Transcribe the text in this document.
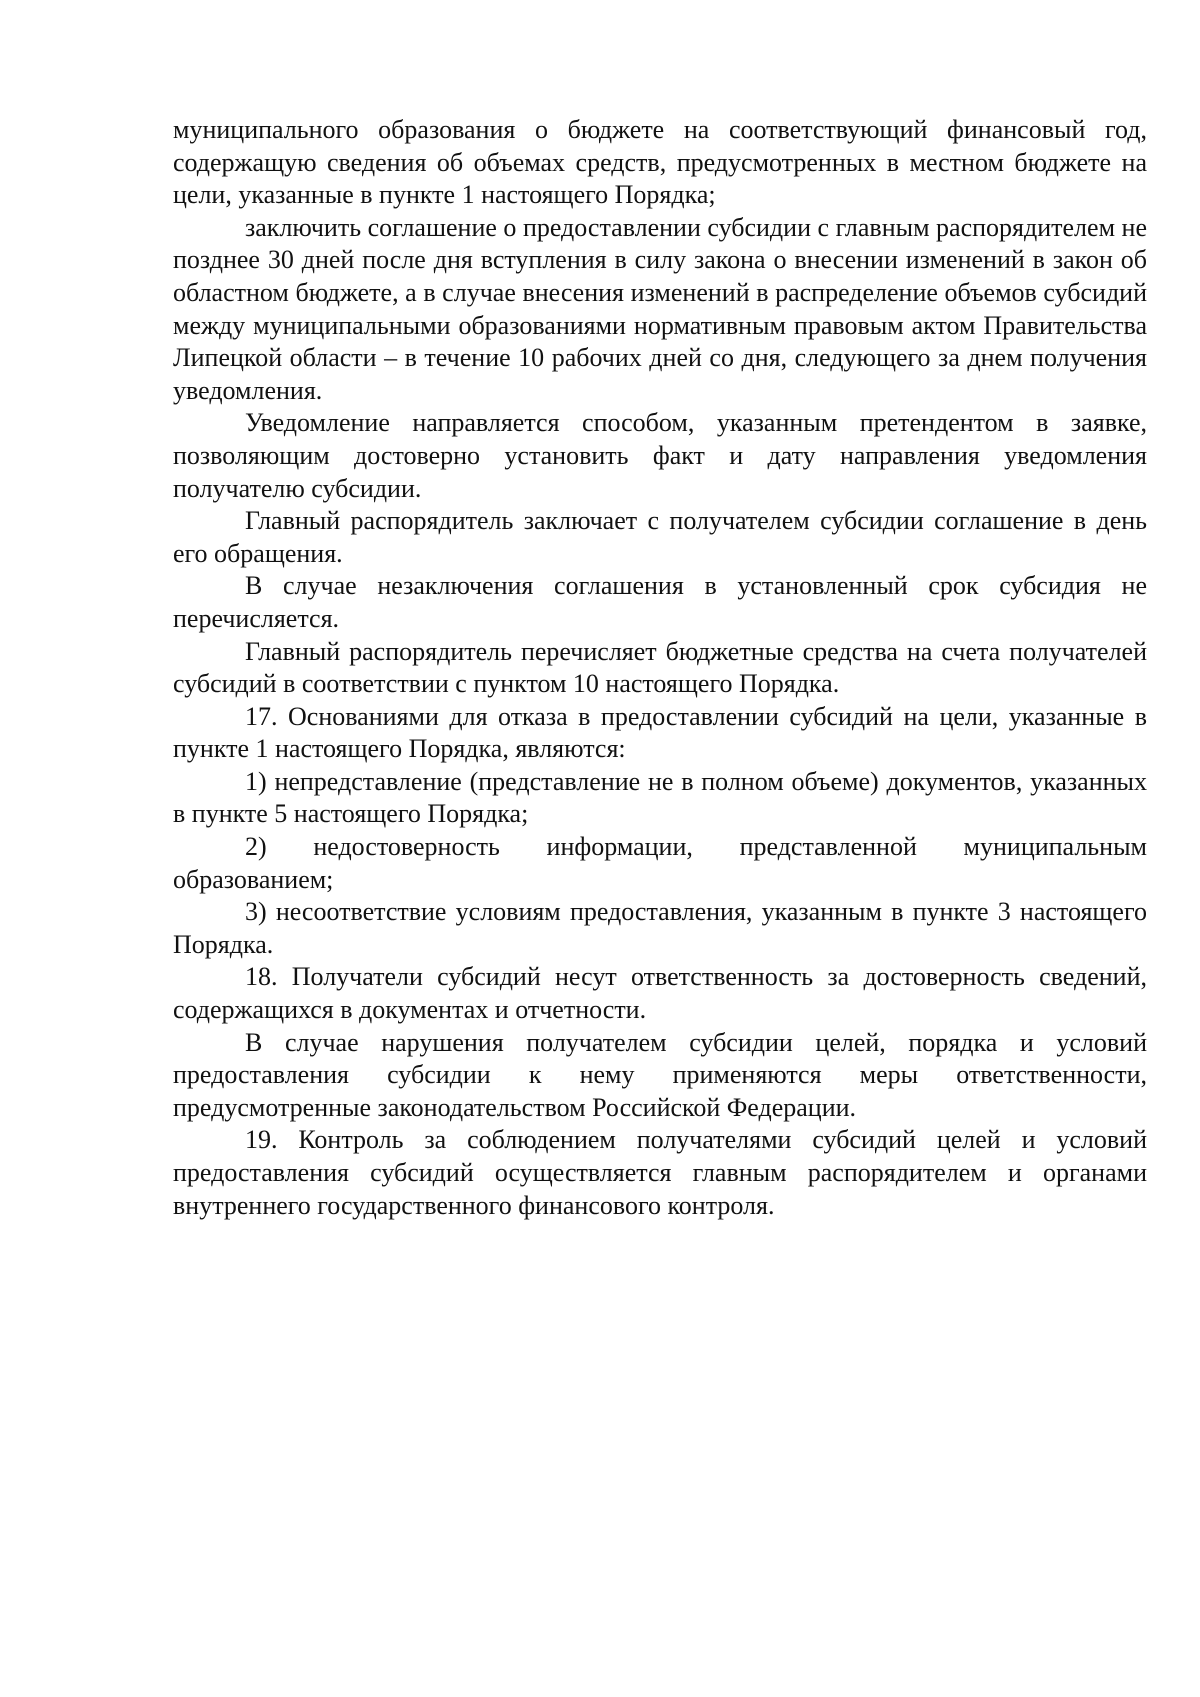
муниципального образования о бюджете на соответствующий финансовый год, содержащую сведения об объемах средств, предусмотренных в местном бюджете на цели, указанные в пункте 1 настоящего Порядка;

заключить соглашение о предоставлении субсидии с главным распорядителем не позднее 30 дней после дня вступления в силу закона о внесении изменений в закон об областном бюджете, а в случае внесения изменений в распределение объемов субсидий между муниципальными образованиями нормативным правовым актом Правительства Липецкой области – в течение 10 рабочих дней со дня, следующего за днем получения уведомления.

Уведомление направляется способом, указанным претендентом в заявке, позволяющим достоверно установить факт и дату направления уведомления получателю субсидии.

Главный распорядитель заключает с получателем субсидии соглашение в день его обращения.

В случае незаключения соглашения в установленный срок субсидия не перечисляется.

Главный распорядитель перечисляет бюджетные средства на счета получателей субсидий в соответствии с пунктом 10 настоящего Порядка.

17. Основаниями для отказа в предоставлении субсидий на цели, указанные в пункте 1 настоящего Порядка, являются:

1) непредставление (представление не в полном объеме) документов, указанных в пункте 5 настоящего Порядка;

2) недостоверность информации, представленной муниципальным образованием;

3) несоответствие условиям предоставления, указанным в пункте 3 настоящего Порядка.

18. Получатели субсидий несут ответственность за достоверность сведений, содержащихся в документах и отчетности.

В случае нарушения получателем субсидии целей, порядка и условий предоставления субсидии к нему применяются меры ответственности, предусмотренные законодательством Российской Федерации.

19. Контроль за соблюдением получателями субсидий целей и условий предоставления субсидий осуществляется главным распорядителем и органами внутреннего государственного финансового контроля.
